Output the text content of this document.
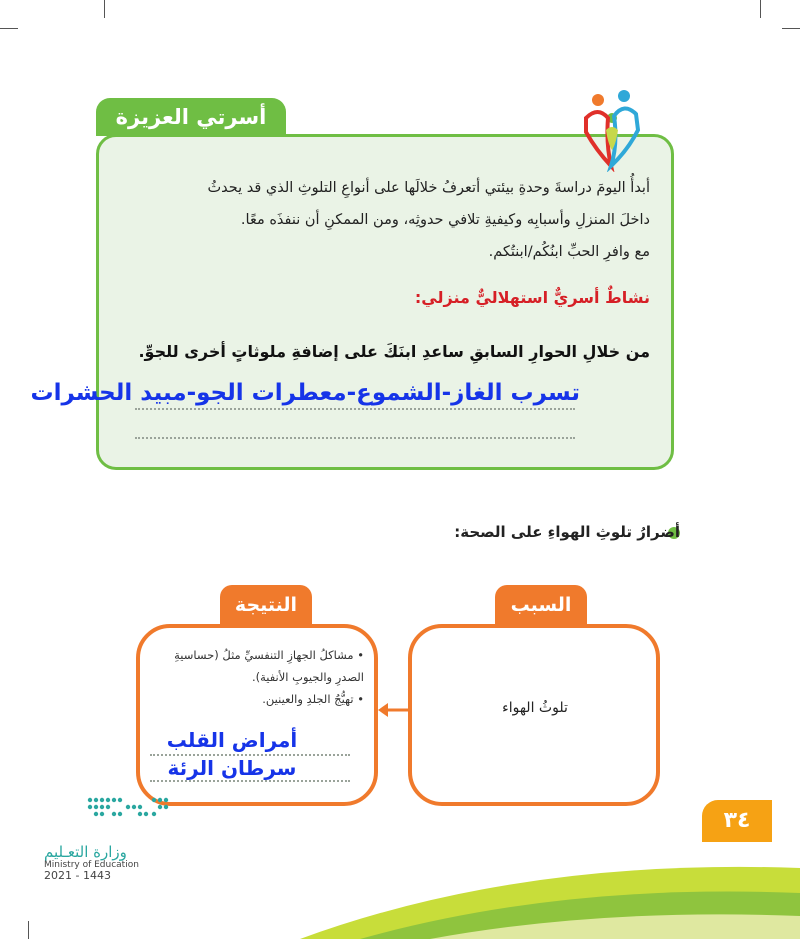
أسرتي العزيزة
أبدأُ اليومَ دراسةَ وحدةِ بيئتي أتعرفُ خلالَها على أنواعِ التلوثِ الذي قد يحدثُ
داخلَ المنزلِ وأسبابِه وكيفيةِ تلافي حدوثِه، ومن الممكنِ أن ننفذَه معًا.
مع وافرِ الحبِّ ابنُكُم/ابنتُكم.
نشاطٌ أسريٌّ استهلاليٌّ منزلي:
من خلالِ الحوارِ السابقِ ساعدِ ابنَكَ على إضافةِ ملوثاتٍ أخرى للجوِّ.
تسرب الغاز-الشموع-معطرات الجو-مبيد الحشرات
أضرارُ تلوثِ الهواءِ على الصحة:
السبب
تلوثُ الهواء
النتيجة
• مشاكلُ الجهازِ التنفسيِّ مثلُ (حساسيةِ
الصدرِ والجيوبِ الأنفية).
• تهيُّجُ الجلدِ والعينين.
أمراض القلب
سرطان الرئة
٣٤
وزارة التعـليم
Ministry of Education
2021 - 1443
